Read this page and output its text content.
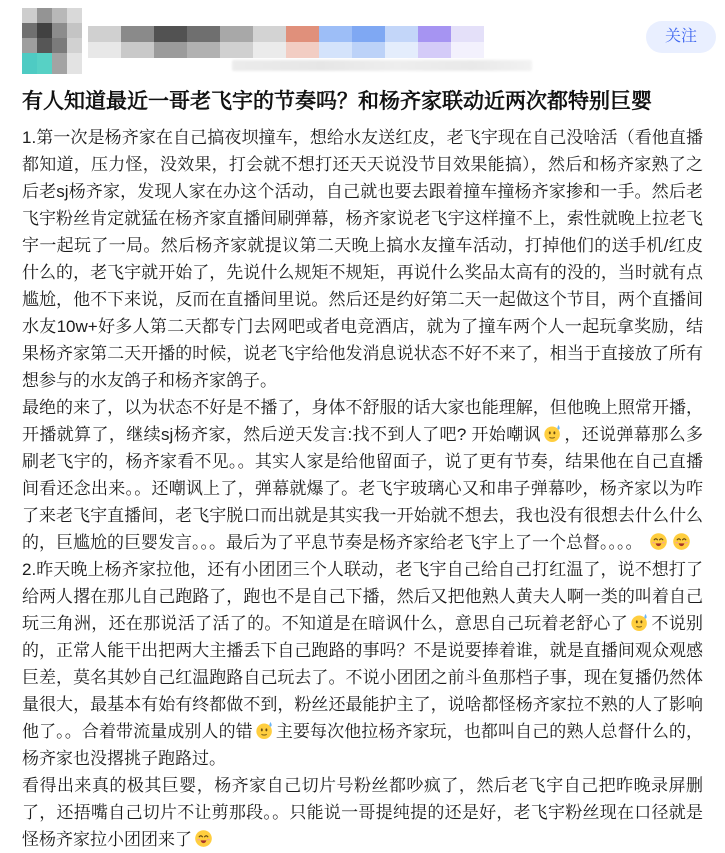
关注
有人知道最近一哥老飞宇的节奏吗？和杨齐家联动近两次都特别巨婴

1.第一次是杨齐家在自己搞夜坝撞车，想给水友送红皮，老飞宇现在自己没啥活（看他直播都知道，压力怪，没效果，打会就不想打还天天说没节目效果能搞），然后和杨齐家熟了之后老sj杨齐家，发现人家在办这个活动，自己就也要去跟着撞车撞杨齐家掺和一手。然后老飞宇粉丝肯定就猛在杨齐家直播间刷弹幕，杨齐家说老飞宇这样撞不上，索性就晚上拉老飞宇一起玩了一局。然后杨齐家就提议第二天晚上搞水友撞车活动，打掉他们的送手机/红皮什么的，老飞宇就开始了，先说什么规矩不规矩，再说什么奖品太高有的没的，当时就有点尴尬，他不下来说，反而在直播间里说。然后还是约好第二天一起做这个节目，两个直播间水友10w+好多人第二天都专门去网吧或者电竞酒店，就为了撞车两个人一起玩拿奖励，结果杨齐家第二天开播的时候，说老飞宇给他发消息说状态不好不来了，相当于直接放了所有想参与的水友鸽子和杨齐家鸽子。

最绝的来了，以为状态不好是不播了，身体不舒服的话大家也能理解，但他晚上照常开播，开播就算了，继续sj杨齐家，然后逆天发言:找不到人了吧? 开始嘲讽 ，还说弹幕那么多刷老飞宇的，杨齐家看不见。。其实人家是给他留面子，说了更有节奏，结果他在自己直播间看还念出来。。还嘲讽上了，弹幕就爆了。老飞宇玻璃心又和串子弹幕吵，杨齐家以为咋了来老飞宇直播间，老飞宇脱口而出就是其实我一开始就不想去，我也没有很想去什么什么的，巨尴尬的巨婴发言。。。最后为了平息节奏是杨齐家给老飞宇上了一个总督。。。。

2.昨天晚上杨齐家拉他，还有小团团三个人联动，老飞宇自己给自己打红温了，说不想打了给两人撂在那儿自己跑路了，跑也不是自己下播，然后又把他熟人黄夫人啊一类的叫着自己玩三角洲，还在那说活了活了的。不知道是在暗讽什么，意思自己玩着老舒心了 不说别的，正常人能干出把两大主播丢下自己跑路的事吗？不是说要捧着谁，就是直播间观众观感巨差，莫名其妙自己红温跑路自己玩去了。不说小团团之前斗鱼那档子事，现在复播仍然体量很大，最基本有始有终都做不到，粉丝还最能护主了，说啥都怪杨齐家拉不熟的人了影响他了。。合着带流量成别人的错 主要每次他拉杨齐家玩，也都叫自己的熟人总督什么的，杨齐家也没撂挑子跑路过。

看得出来真的极其巨婴，杨齐家自己切片号粉丝都吵疯了，然后老飞宇自己把昨晚录屏删了，还捂嘴自己切片不让剪那段。。只能说一哥提纯提的还是好，老飞宇粉丝现在口径就是怪杨齐家拉小团团来了
